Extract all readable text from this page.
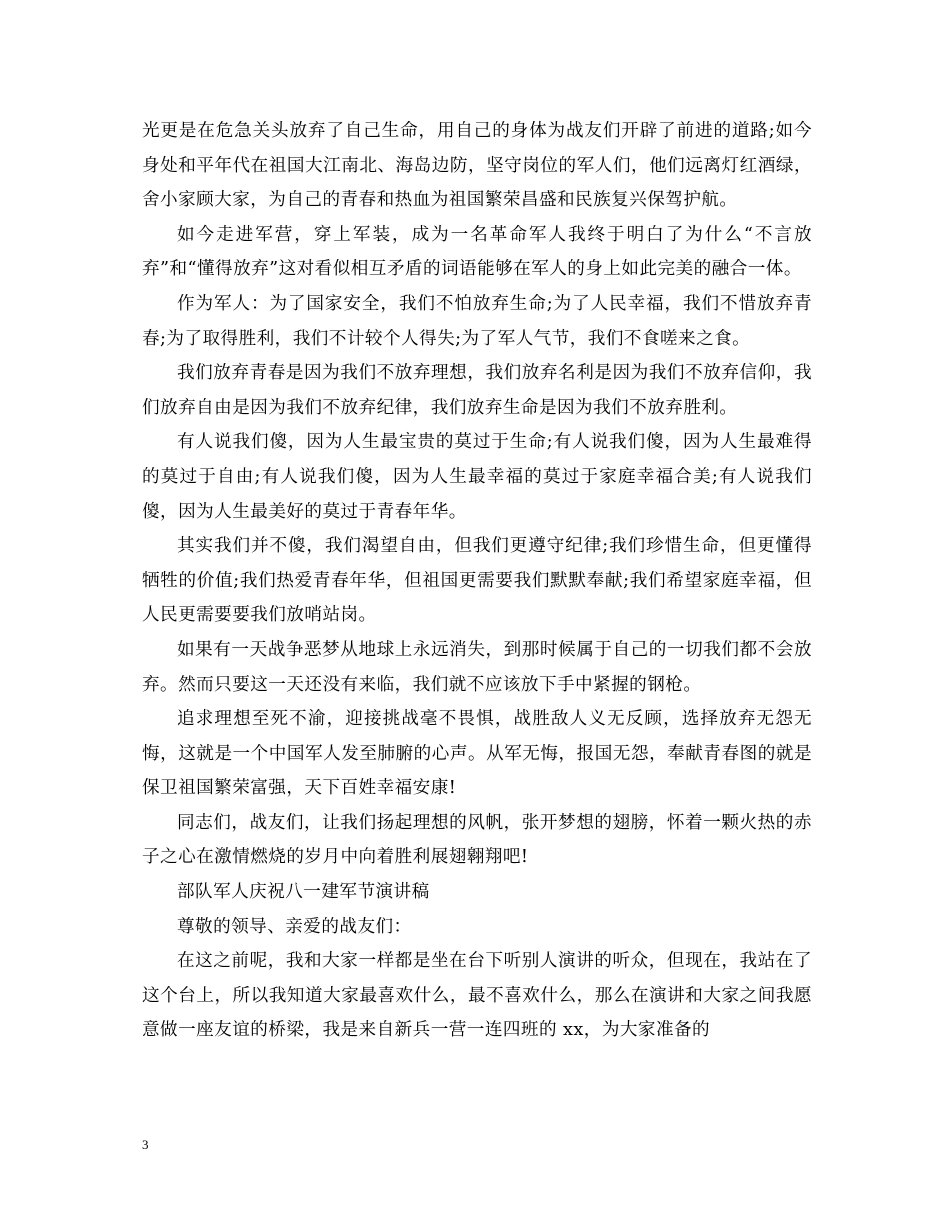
光更是在危急关头放弃了自己生命，用自己的身体为战友们开辟了前进的道路;如今身处和平年代在祖国大江南北、海岛边防，坚守岗位的军人们，他们远离灯红酒绿，舍小家顾大家，为自己的青春和热血为祖国繁荣昌盛和民族复兴保驾护航。

如今走进军营，穿上军装，成为一名革命军人我终于明白了为什么“不言放弃”和“懂得放弃”这对看似相互矛盾的词语能够在军人的身上如此完美的融合一体。

作为军人：为了国家安全，我们不怕放弃生命;为了人民幸福，我们不惜放弃青春;为了取得胜利，我们不计较个人得失;为了军人气节，我们不食嗟来之食。

我们放弃青春是因为我们不放弃理想，我们放弃名利是因为我们不放弃信仰，我们放弃自由是因为我们不放弃纪律，我们放弃生命是因为我们不放弃胜利。

有人说我们傻，因为人生最宝贵的莫过于生命;有人说我们傻，因为人生最难得的莫过于自由;有人说我们傻，因为人生最幸福的莫过于家庭幸福合美;有人说我们傻，因为人生最美好的莫过于青春年华。

其实我们并不傻，我们渴望自由，但我们更遵守纪律;我们珍惜生命，但更懂得牺牲的价值;我们热爱青春年华，但祖国更需要我们默默奉献;我们希望家庭幸福，但人民更需要要我们放哨站岗。

如果有一天战争恶梦从地球上永远消失，到那时候属于自己的一切我们都不会放弃。然而只要这一天还没有来临，我们就不应该放下手中紧握的钢枪。

追求理想至死不渝，迎接挑战毫不畏惧，战胜敌人义无反顾，选择放弃无怨无悔，这就是一个中国军人发至肺腑的心声。从军无悔，报国无怨，奉献青春图的就是保卫祖国繁荣富强，天下百姓幸福安康!

同志们，战友们，让我们扬起理想的风帆，张开梦想的翅膀，怀着一颗火热的赤子之心在激情燃烧的岁月中向着胜利展翅翱翔吧!

部队军人庆祝八一建军节演讲稿

尊敬的领导、亲爱的战友们：

在这之前呢，我和大家一样都是坐在台下听别人演讲的听众，但现在，我站在了这个台上，所以我知道大家最喜欢什么，最不喜欢什么，那么在演讲和大家之间我愿意做一座友谊的桥梁，我是来自新兵一营一连四班的 xx，为大家准备的

3
